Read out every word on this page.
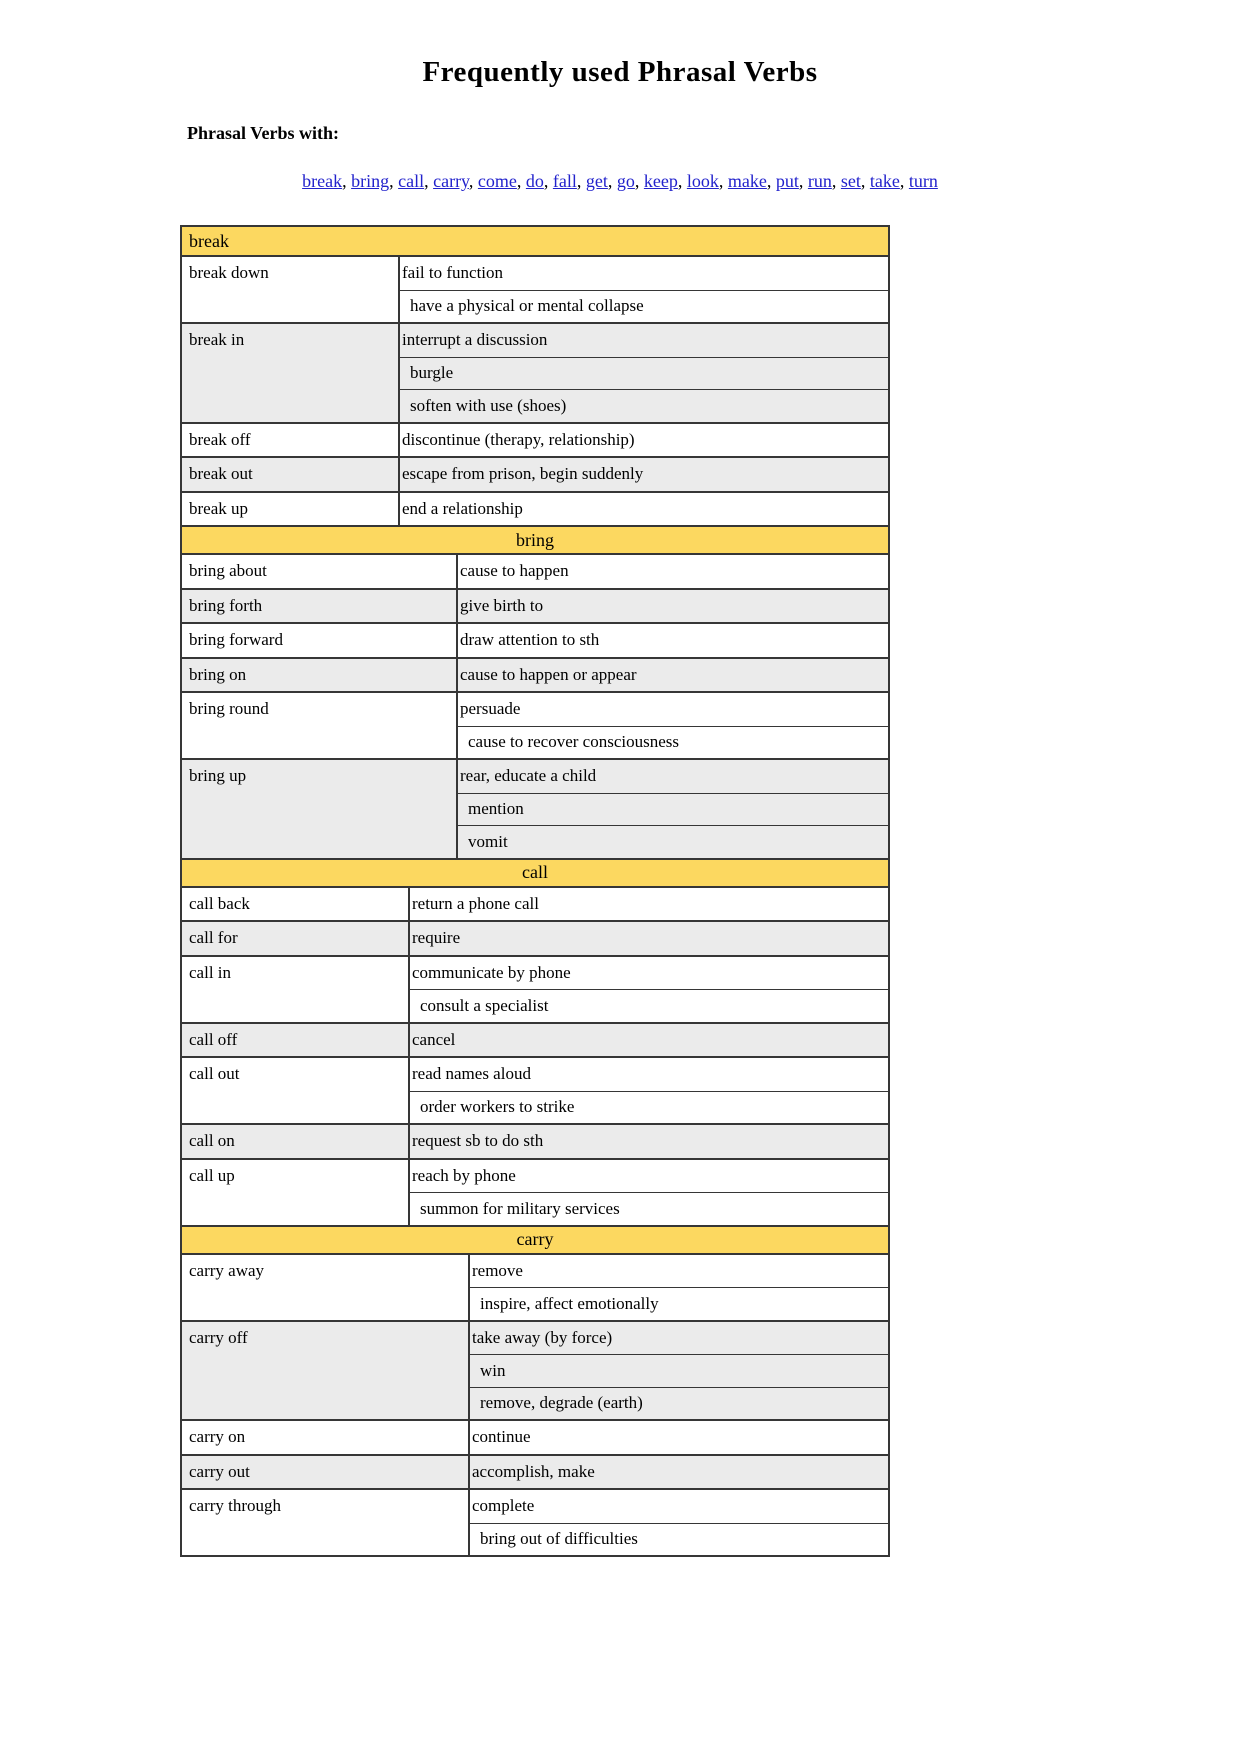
Frequently used Phrasal Verbs
Phrasal Verbs with:
break, bring, call, carry, come, do, fall, get, go, keep, look, make, put, run, set, take, turn
break
break down	fail to function
have a physical or mental collapse
break in	interrupt a discussion
burgle
soften with use (shoes)
break off	discontinue (therapy, relationship)
break out	escape from prison, begin suddenly
break up	end a relationship
bring
bring about	cause to happen
bring forth	give birth to
bring forward	draw attention to sth
bring on	cause to happen or appear
bring round	persuade
cause to recover consciousness
bring up	rear, educate a child
mention
vomit
call
call back	return a phone call
call for	require
call in	communicate by phone
consult a specialist
call off	cancel
call out	read names aloud
order workers to strike
call on	request sb to do sth
call up	reach by phone
summon for military services
carry
carry away	remove
inspire, affect emotionally
carry off	take away (by force)
win
remove, degrade (earth)
carry on	continue
carry out	accomplish, make
carry through	complete
bring out of difficulties
